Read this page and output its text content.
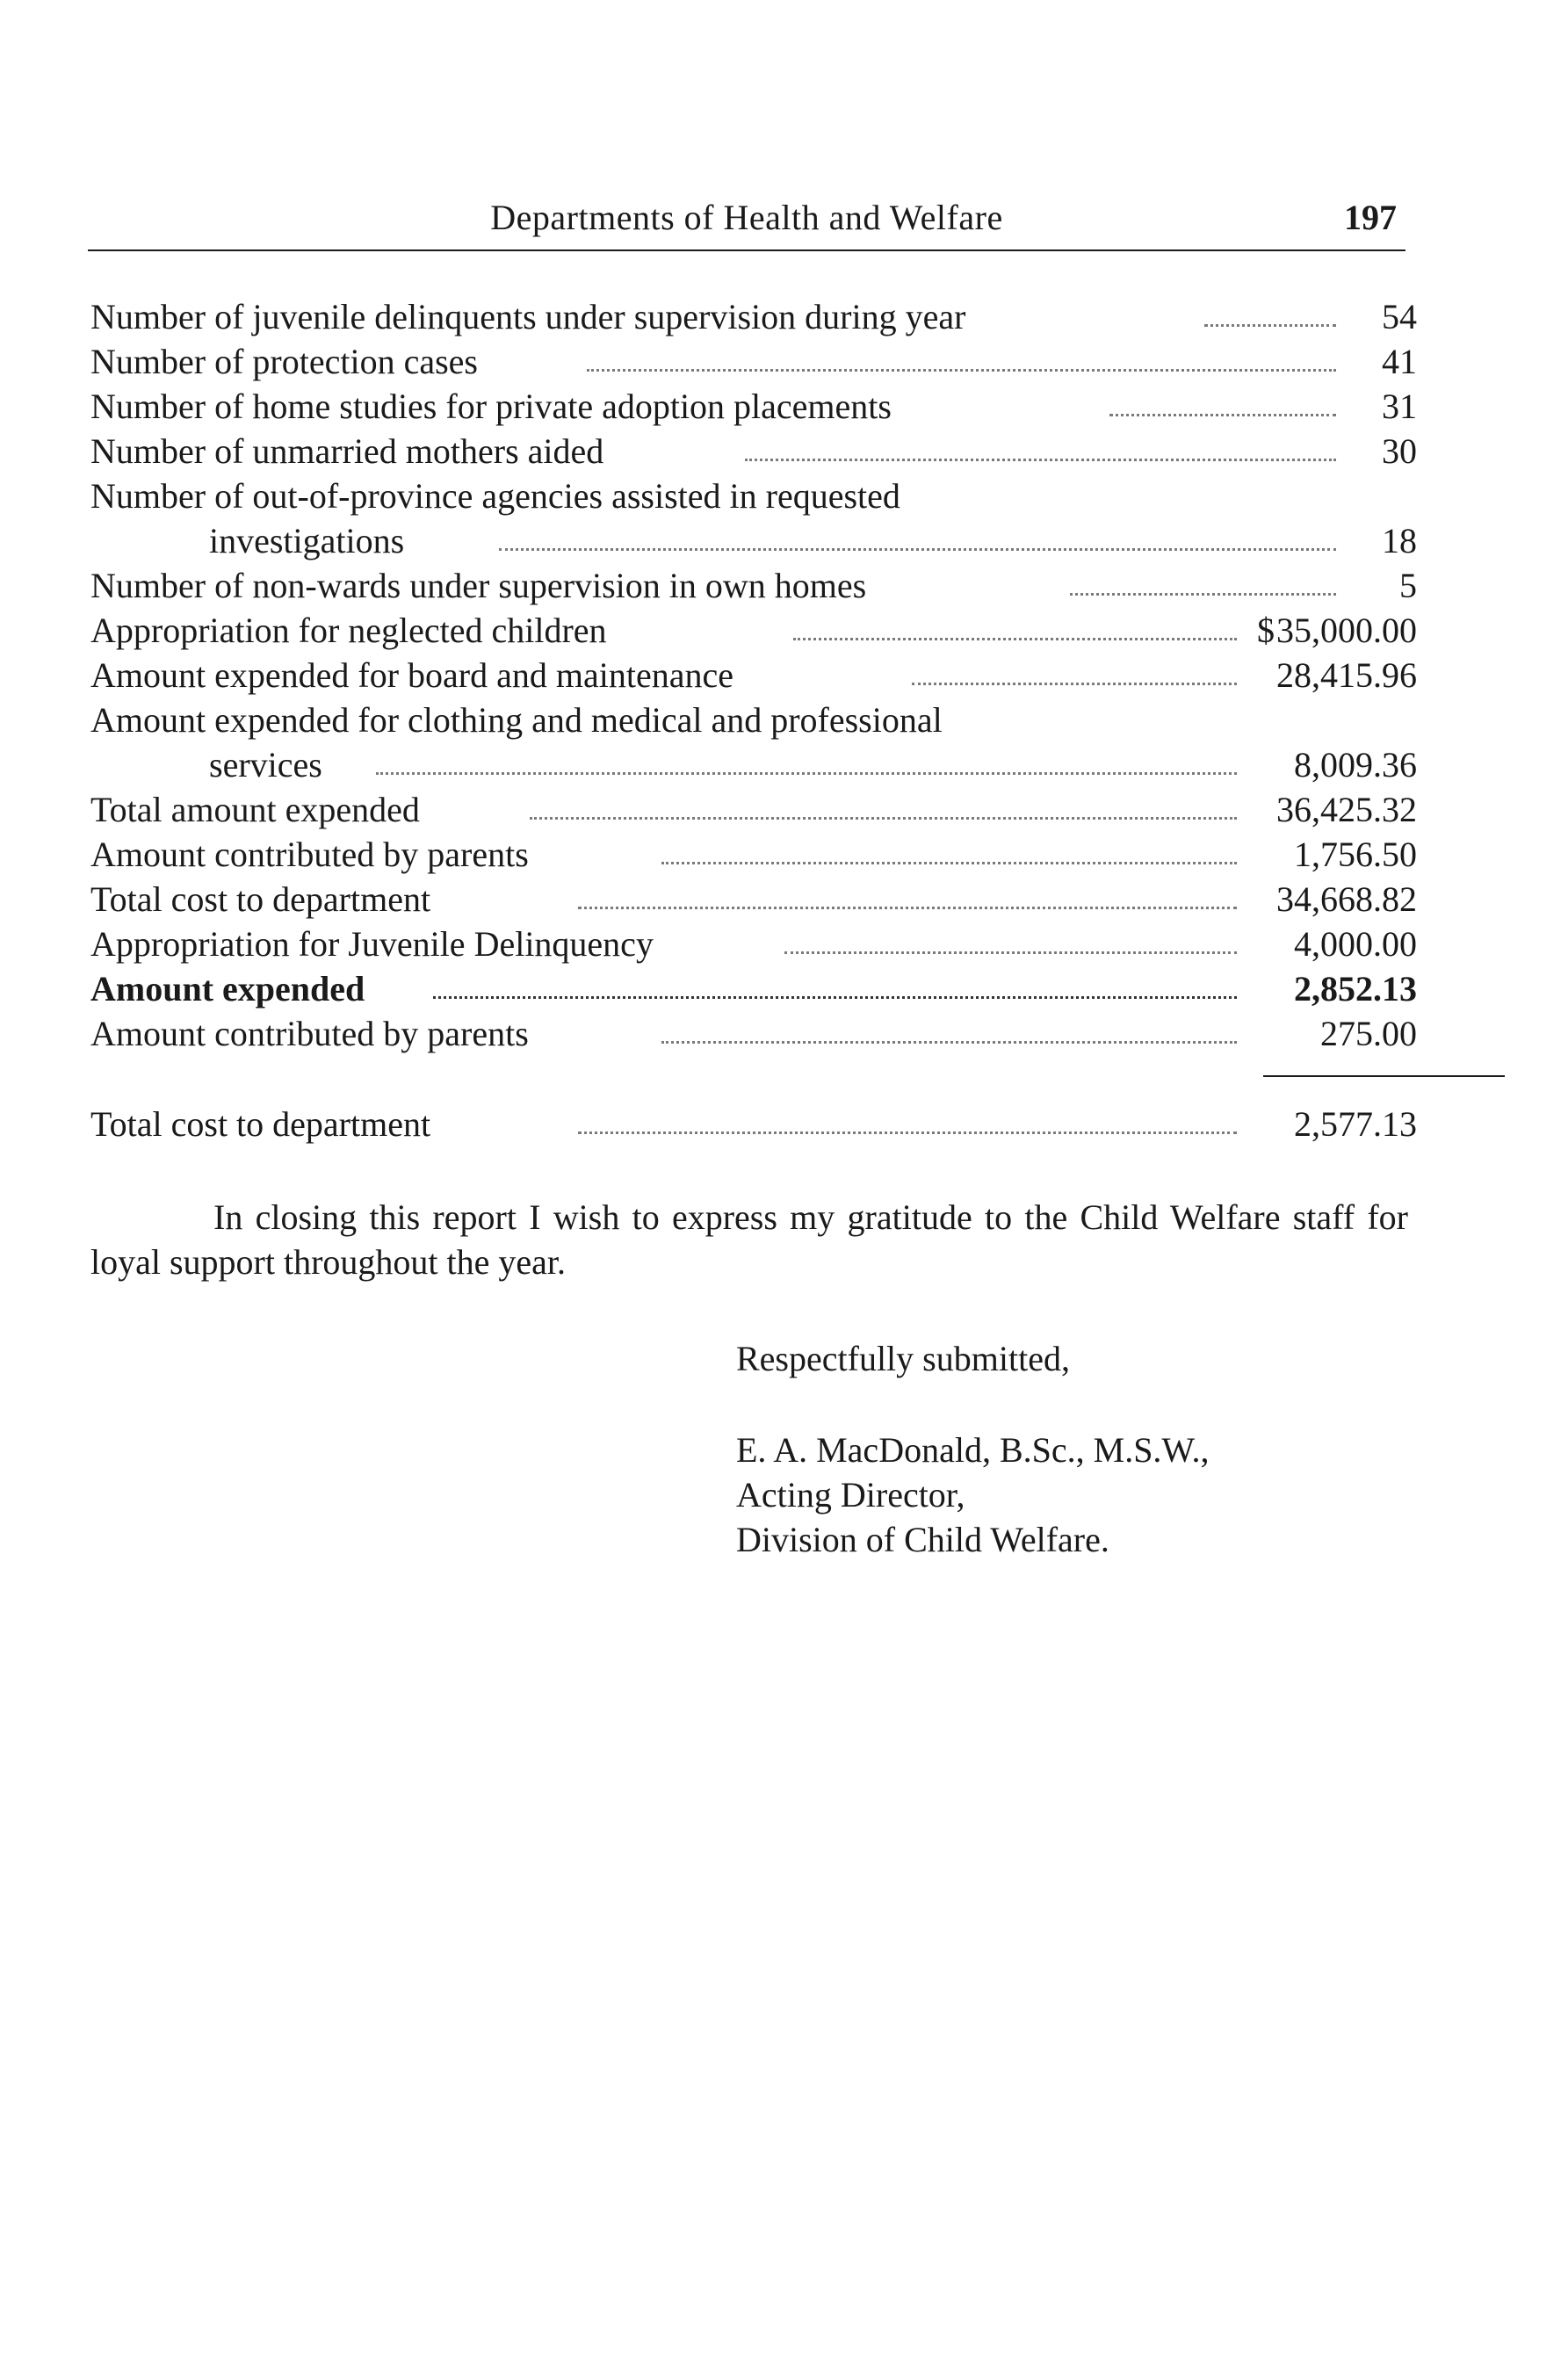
Departments of Health and Welfare	197
Number of juvenile delinquents under supervision during year	54
Number of protection cases	41
Number of home studies for private adoption placements	31
Number of unmarried mothers aided	30
Number of out-of-province agencies assisted in requested
investigations	18
Number of non-wards under supervision in own homes	5
Appropriation for neglected children	$ 35,000.00
Amount expended for board and maintenance	28,415.96
Amount expended for clothing and medical and professional
services	8,009.36
Total amount expended	36,425.32
Amount contributed by parents	1,756.50
Total cost to department	34,668.82
Appropriation for Juvenile Delinquency	4,000.00
Amount expended	2,852.13
Amount contributed by parents	275.00
Total cost to department	2,577.13
In closing this report I wish to express my gratitude to the Child Welfare staff for loyal support throughout the year.
Respectfully submitted,
E. A. MacDonald, B.Sc., M.S.W.,
Acting Director,
Division of Child Welfare.
